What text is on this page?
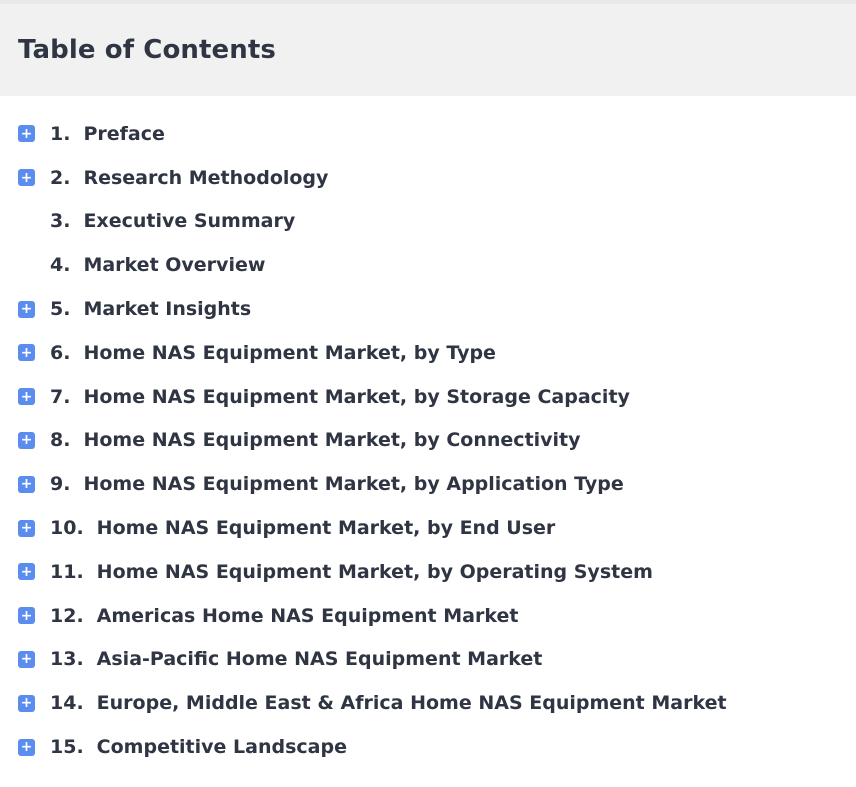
Table of Contents
+ 1. Preface
+ 2. Research Methodology
3. Executive Summary
4. Market Overview
+ 5. Market Insights
+ 6. Home NAS Equipment Market, by Type
+ 7. Home NAS Equipment Market, by Storage Capacity
+ 8. Home NAS Equipment Market, by Connectivity
+ 9. Home NAS Equipment Market, by Application Type
+ 10. Home NAS Equipment Market, by End User
+ 11. Home NAS Equipment Market, by Operating System
+ 12. Americas Home NAS Equipment Market
+ 13. Asia-Pacific Home NAS Equipment Market
+ 14. Europe, Middle East & Africa Home NAS Equipment Market
+ 15. Competitive Landscape
